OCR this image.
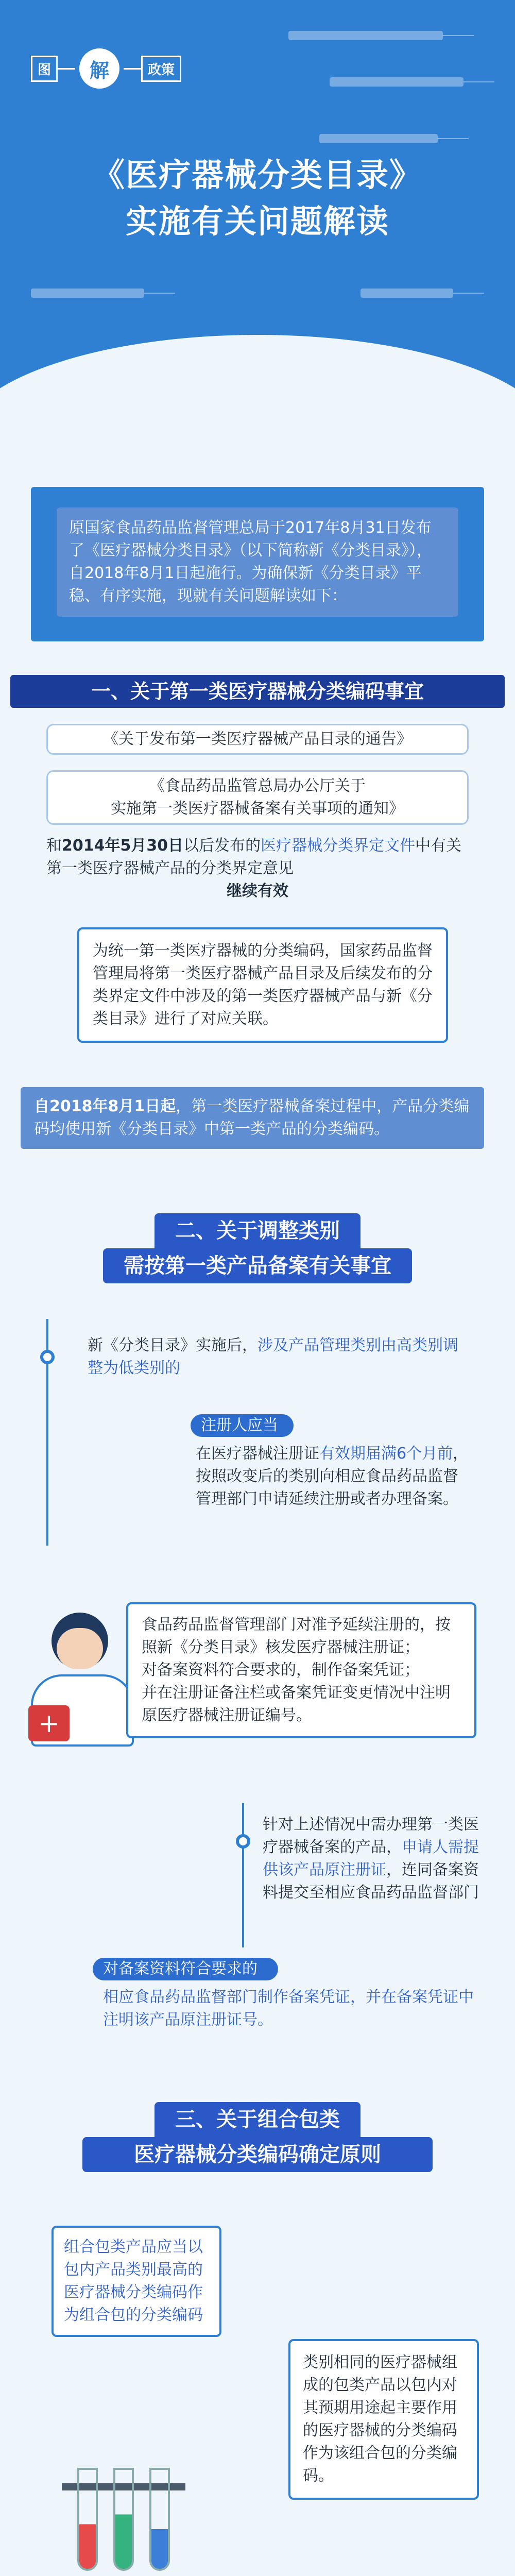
图	解	政策
《医疗器械分类目录》
实施有关问题解读
原国家食品药品监督管理总局于2017年8月31日发布了《医疗器械分类目录》（以下简称新《分类目录》），自2018年8月1日起施行。为确保新《分类目录》平稳、有序实施，现就有关问题解读如下：
一、关于第一类医疗器械分类编码事宜
《关于发布第一类医疗器械产品目录的通告》
《食品药品监管总局办公厅关于
实施第一类医疗器械备案有关事项的通知》
和2014年5月30日以后发布的医疗器械分类界定文件中有关第一类医疗器械产品的分类界定意见
继续有效
为统一第一类医疗器械的分类编码，国家药品监督管理局将第一类医疗器械产品目录及后续发布的分类界定文件中涉及的第一类医疗器械产品与新《分类目录》进行了对应关联。
自2018年8月1日起，第一类医疗器械备案过程中，产品分类编码均使用新《分类目录》中第一类产品的分类编码。
二、关于调整类别
需按第一类产品备案有关事宜
新《分类目录》实施后，涉及产品管理类别由高类别调整为低类别的
注册人应当
在医疗器械注册证有效期届满6个月前，按照改变后的类别向相应食品药品监督管理部门申请延续注册或者办理备案。
+
食品药品监督管理部门对准予延续注册的，按照新《分类目录》核发医疗器械注册证；
对备案资料符合要求的，制作备案凭证；
并在注册证备注栏或备案凭证变更情况中注明原医疗器械注册证编号。
针对上述情况中需办理第一类医疗器械备案的产品，申请人需提供该产品原注册证，连同备案资料提交至相应食品药品监督部门
对备案资料符合要求的
相应食品药品监督部门制作备案凭证，并在备案凭证中注明该产品原注册证号。
三、关于组合包类
医疗器械分类编码确定原则
组合包类产品应当以包内产品类别最高的医疗器械分类编码作为组合包的分类编码
类别相同的医疗器械组成的包类产品以包内对其预期用途起主要作用的医疗器械的分类编码作为该组合包的分类编码。
